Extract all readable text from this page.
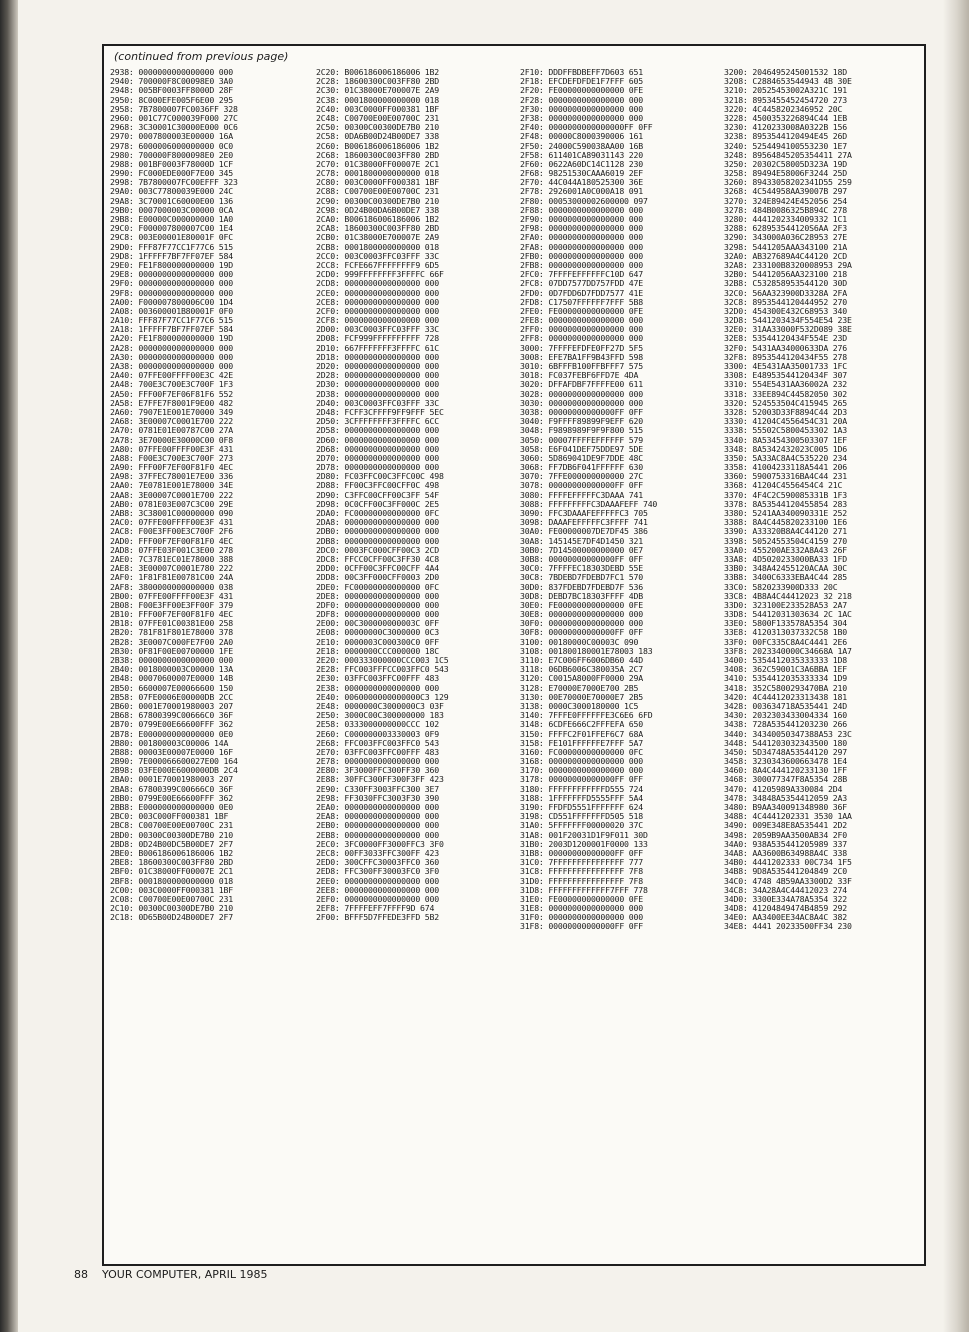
(continued from previous page)
2938: 0000000000000000 000
2940: 700000F8C00098E0 3A0
2948: 005BF0003FF8000D 28F
2950: 8C000EFE005F6E00 295
2958: 7B7800007FC0036FF 328
2960: 001C77C000039F000 27C
2968: 3C30001C30000E000 0C6
2970: 0007800003E00000 16A
2978: 6000006000000000 0C0
2980: 700000F8000098E0 2E0
2988: 001BF0003F78000D 1CF
2990: FC000EDE000F7E00 345
2998: 7B7800007FC00EFFF 323
29A0: 003C77800039E000 24C
29A8: 3C70001C60000E00 136
29B0: 0007000003C00000 0CA
29B8: E00000C000000000 1A0
29C0: F000007800007C00 1E4
29C8: 003E00001E80001F 0FC
29D0: FFF87F77CC1F77C6 515
29D8: 1FFFFF7BF7FF07EF 584
29E0: FE1F800000000000 19D
29E8: 0000000000000000 000
29F0: 0000000000000000 000
29F8: 0000000000000000 000
2A00: F000007800006C00 1D4
2A08: 003600001B80001F 0F0
2A10: FFF87F77CC1F77C6 515
2A18: 1FFFFF7BF7FF07EF 584
2A20: FE1F800000000000 19D
2A28: 0000000000000000 000
2A30: 0000000000000000 000
2A38: 0000000000000000 000
2A40: 07FFE00FFFF00E3C 42E
2A48: 700E3C700E3C700F 1F3
2A50: FFF00F7EF06F81F6 552
2A58: E7FFE7F8001F9E00 482
2A60: 7907E1E001E70000 349
2A68: 3E00007C0001E700 222
2A70: 0781E01E00787C00 27A
2A78: 3E70000E30000C00 0F8
2A80: 07FFE00FFFF00E3F 431
2A88: F00E3C700E3C700F 273
2A90: FFF00F7EF00F81F0 4EC
2A98: 37FFEC78001E7E00 336
2AA0: 7E0781E001E78000 34E
2AA8: 3E00007C0001E700 222
2AB0: 0781E03E007C3C00 29E
2AB8: 3C38001C00000000 090
2AC0: 07FFE00FFFF00E3F 431
2AC8: F00E3FF00E3C700F 2F6
2AD0: FFF00F7EF00F81F0 4EC
2AD8: 07FFE03F001C3E00 278
2AE0: 7C3781EC01E78000 388
2AE8: 3E00007C0001E780 222
2AF0: 1F81F81E00781C00 24A
2AF8: 3800000000000000 038
2B00: 07FFE00FFFF00E3F 431
2B08: F00E3FF00E3FF00F 379
2B10: FFF00F7EF00F81F0 4EC
2B18: 07FFE01C00381E00 258
2B20: 781F81F801E78000 378
2B28: 3E0007C000FE7F00 2A0
2B30: 0F81F00E00700000 1FE
2B38: 0000000000000000 000
2B40: 0018000003C00000 13A
2B48: 00070600007E0000 14B
2B50: 6600007E00066600 150
2B58: 07FE0006E00000DB 2CC
2B60: 0001E70001980003 207
2B68: 67800399C00666C0 36F
2B70: 0799E00E66600FFF 362
2B78: E000000000000000 0E0
2B80: 001800003C00006 14A
2B88: 00003E00007E0000 16F
2B90: 7E000066600027E00 164
2B98: 03FE000E6000000DB 2C4
2BA0: 0001E70001980003 207
2BA8: 67800399C00666C0 36F
2BB0: 0799E00E66600FFF 362
2BB8: E000000000000000 0E0
2BC0: 003C000FF000381 1BF
2BC8: C00700E00E00700C 231
2BD0: 00300C00300DE7B0 210
2BD8: 0D24B00DC5B00DE7 2F7
2BE0: B006186006186006 1B2
2BE8: 18600300C003FF80 2BD
2BF0: 01C38000FF00007E 2C1
2BF8: 0001800000000000 018
2C00: 003C0000FF000381 1BF
2C08: C00700E00E00700C 231
2C10: 00300C00300DE7B0 210
2C18: 0D65B00D24B00DE7 2F7
2C20: B006186006186006 1B2
2C28: 18600300C003FF80 2BD
2C30: 01C38000E700007E 2A9
2C38: 0001800000000000 018
2C40: 003C0000FF000381 1BF
2C48: C00700E00E00700C 231
2C50: 00300C00300DE7B0 210
2C58: 0DA6B00D24B00DE7 338
2C60: B006186006186006 1B2
2C68: 18600300C003FF80 2BD
2C70: 01C38000FF00007E 2C1
2C78: 0001800000000000 018
2C80: 003C0000FF000381 1BF
2C88: C00700E00E00700C 231
2C90: 00300C00300DE7B0 210
2C98: 0D24B00DA6B00DE7 338
2CA0: B006186006186006 1B2
2CA8: 18600300C003FF80 2BD
2CB0: 01C38000E700007E 2A9
2CB8: 0001800000000000 018
2CC0: 003C0003FFC03FFF 33C
2CC8: FCFE667FFFFFFFF9 6D5
2CD0: 999FFFFFFFF3FFFFC 66F
2CD8: 0000000000000000 000
2CE0: 0000000000000000 000
2CE8: 0000000000000000 000
2CF0: 0000000000000000 000
2CF8: 0000000000000000 000
2D00: 003C0003FFC03FFF 33C
2D08: FCF999FFFFFFFFFF 728
2D10: 667FFFFFFF3FFFFC 61C
2D18: 0000000000000000 000
2D20: 0000000000000000 000
2D28: 0000000000000000 000
2D30: 0000000000000000 000
2D38: 0000000000000000 000
2D40: 003C0003FFC03FFF 33C
2D48: FCFF3CFFFF9FF9FFF 5EC
2D50: 3CFFFFFFFF3FFFFC 6CC
2D58: 0000000000000000 000
2D60: 0000000000000000 000
2D68: 0000000000000000 000
2D70: 0000000000000000 000
2D78: 0000000000000000 000
2D80: FC03FFC00C3FFC00C 498
2D88: FF00C3FFC00CFF0C 498
2D90: C3FFC00CFF00C3FF 54F
2D98: 0C0CFF00C3FF000C 2E5
2DA0: FC00000000000000 0FC
2DA8: 0000000000000000 000
2DB0: 0000000000000000 000
2DB8: 0000000000000000 000
2DC0: 0003FC000CFF00C3 2CD
2DC8: FFCC0CFF00C3FF30 4C8
2DD0: 0CFF00C3FFC00CFF 4A4
2DD8: 00C3FF000CFF0003 2D0
2DE0: FC00000000000000 0FC
2DE8: 0000000000000000 000
2DF0: 0000000000000000 000
2DF8: 0000000000000000 000
2E00: 00C300000000003C 0FF
2E08: 00000000C3000000 0C3
2E10: 0000003C000300C0 0FF
2E18: 0000000CCC000000 18C
2E20: 000333000000CCC003 1C5
2E28: FFC003FFFCC003FFC0 543
2E30: 03FFC003FFC00FFF 483
2E38: 0000000000000000 000
2E40: 0060000000000000C3 129
2E48: 0000000C3000000C3 03F
2E50: 3000C00C300000000 183
2E58: 0333000000000CCC 102
2E60: C000000003330003 0F9
2E68: FFC003FFC003FFC0 543
2E70: 03FFC003FFC00FFF 483
2E78: 0000000000000000 000
2E80: 3F3000FFC300FF30 360
2E88: 30FFC300FF300F3FF 423
2E90: C330FF3003FFC300 3E7
2E98: FF3030FFC3003F30 390
2EA0: 0000000000000000 000
2EA8: 0000000000000000 000
2EB0: 0000000000000000 000
2EB8: 0000000000000000 000
2EC0: 3FC0000FF3000FFC3 3F0
2EC8: 00FF3033FFC300FF 423
2ED0: 300CFFC30003FFC0 360
2ED8: FFC300FF30003FC0 3F0
2EE0: 0000000000000000 000
2EE8: 0000000000000000 000
2EF0: 0000000000000000 000
2EF8: 7FFFFEFF7FFFF9D 674
2F00: BFFF5D7FFEDE3FFD 5B2
2F10: DDDFFBDBEFF7D603 651
2F18: EFCDEFDFDE1F7FFF 605
2F20: FE00000000000000 0FE
2F28: 0000000000000000 000
2F30: 0000000000000000 000
2F38: 0000000000000000 000
2F40: 0000000000000000FF 0FF
2F48: 00000C8000390006 161
2F50: 24000C590038AA00 16B
2F58: 611401CA89031143 220
2F60: 0622A60DC14C1128 230
2F68: 98251530CAAA6019 2EF
2F70: 44C044A180525300 36E
2F78: 2926001A0C000A18 091
2F80: 00053000002600000 097
2F88: 0000000000000000 000
2F90: 0000000000000000 000
2F98: 0000000000000000 000
2FA0: 0000000000000000 000
2FA8: 0000000000000000 000
2FB0: 0000000000000000 000
2FB8: 0000000000000000 000
2FC0: 7FFFFEFFFFFFC10D 647
2FC8: 07DD7577DD757FDD 47E
2FD0: 0D7FDD6D7FDD7577 41E
2FD8: C17507FFFFFF7FFF 5B8
2FE0: FE00000000000000 0FE
2FE8: 0000000000000000 000
2FF0: 0000000000000000 000
2FF8: 0000000000000000 000
3000: 7FFFFEFDFE0FF27D 5F5
3008: EFE7BA1FF9B43FFD 598
3010: 6BFFFB100FFBFFF7 575
3018: FC037FEBF6FFD7E 4DA
3020: DFFAFDBF7FFFFE00 611
3028: 0000000000000000 000
3030: 0000000000000000 000
3038: 00000000000000FF 0FF
3040: F9FFFF89899F9EFF 620
3048: F9898989F9F9F800 515
3050: 00007FFFFEFFFFFF 579
3058: E6F041DEF75DDE97 5DE
3060: 5D869041DE9F7DDE 48C
3068: FF7DB6F041FFFFFF 630
3070: 7FFE000000000000 27C
3078: 00000000000000FF 0FF
3080: FFFFEFFFFFC3DAAA 741
3088: FFFFFFFFFC3DAAAFEFF 740
3090: FFC3DAAAFEFFFFFC3 705
3098: DAAAFEFFFFFC3FFFF 741
30A0: FE00000007DE7DF45 386
30A8: 145145E7DF4D1450 321
30B0: 7D14500000000000 0E7
30B8: 00000000000000FF 0FF
30C0: 7FFFFEC18303DEBD 55E
30C8: 7BDEBD7FDEBD7FC1 570
30D0: 837FDEBD7FDEBD7F 536
30D8: DEBD7BC18303FFFF 4DB
30E0: FE00000000000000 0FE
30E8: 0000000000000000 000
30F0: 0000000000000000 000
30F8: 00000000000000FF 0FF
3100: 00180000C00003C 090
3108: 001800180001E78003 183
3110: E7C006FF6006DB60 44D
3118: 06DB6006C380035A 2C7
3120: C0015A8000FF0000 29A
3128: E70000E7000E700 2B5
3130: 00E70000E70000E7 2B5
3138: 0000C3000180000 1C5
3140: 7FFFE0FFFFFFE3C6E6 6FD
3148: 6CDFE666C2FFFEFA 650
3150: FFFFC2F01FFEF6C7 68A
3158: FE101FFFFFFE7FFF 5A7
3160: FC00000000000000 0FC
3168: 0000000000000000 000
3170: 0000000000000000 000
3178: 00000000000000FF 0FF
3180: FFFFFFFFFFFFD555 724
3188: 1FFFFFFFD5555FFF 5A4
3190: FFDFD5551FFFFFFF 624
3198: CD551FFFFFFFD505 518
31A0: 5FFFFFFF00000020 37C
31A8: 001F20031D1F9F011 30D
31B0: 2003D1200001F0000 133
31B8: 00000000000000FF 0FF
31C0: 7FFFFFFFFFFFFFFF 777
31C8: FFFFFFFFFFFFFFFF 7F8
31D0: FFFFFFFFFFFFFFFF 7F8
31D8: FFFFFFFFFFFFF7FFF 778
31E0: FE00000000000000 0FE
31E8: 0000000000000000 000
31F0: 0000000000000000 000
31F8: 00000000000000FF 0FF
3200: 2046495245001532 18D
3208: C2884653544943 4B 30E
3210: 20525453002A321C 191
3218: 8953455452454720 273
3220: 4C4458202346952 20C
3228: 4500353226894C44 1EB
3230: 4120233008A0322B 156
3238: 8953544120494E45 26D
3240: 5254494100553230 1E7
3248: 89564845205354411 27A
3250: 20302C58005D323A 19D
3258: 89494E58006F3244 25D
3260: 89433058202341D55 259
3268: 4C544958AA39007B 297
3270: 324E89424E452056 254
3278: 484B0086325B894C 278
3280: 4441202334009332 1C1
3288: 628953544120S6AA 2F3
3290: 343000A036C28953 27E
3298: 5441205AAA343100 21A
32A0: AB327689A4C44120 2CD
32A8: 233100B8320008953 29A
32B0: 54412056AA323100 218
32B8: C532858953544120 30D
32C0: 56AA323900D3328A 2FA
32C8: 8953544120444952 270
32D0: 454300E432C68953 340
32D8: 5441203434F554E54 23E
32E0: 31AA33000F532D089 38E
32E8: 53544120434F554E 23D
32F0: 5431AA34000633DA 276
32F8: 8953544120434F55 278
3300: 4E5431AA35001733 1FC
3308: E48953544120434F 307
3310: 554E5431AA36002A 232
3318: 33EE894C44582050 302
3320: 524553504C415945 265
3328: 52003D33F8894C44 2D3
3330: 41204C4556454C31 20A
3338: 55502C5800453302 1A3
3340: 8A53454300503307 1EF
3348: 8A5342432023C005 1D6
3350: 5A33AC8A4C535220 234
3358: 41004233118A5441 206
3360: 5900753316BA4C44 231
3368: 41204C4556454C4 21C
3370: 4F4C2C590085331B 1F3
3378: 8A53544120455854 283
3380: 5241AA340090331E 252
3388: 8A4C445820233100 1E6
3390: A33320B8A4C44120 271
3398: 50524553504C4159 270
33A0: 455200AE332A8A43 26F
33A8: 4D5020233000BA33 1FD
33B0: 348A42455120ACAA 30C
33B8: 3400C6333EBA4C44 285
33C0: 5820233900D333 20C
33C8: 4B8A4C44412023 32 218
33D0: 323100E233528A53 2A7
33D8: 54412031303634 2C 1AC
33E0: 5800F133578A5354 304
33E8: 4120313037332C58 1B0
33F0: 00FC335C8A4C4441 2E6
33F8: 2023340000C34668A 1A7
3400: 5354412035333333 1D8
3408: 362C59001C3A6BBA 1EF
3410: 5354412035333334 1D9
3418: 352C5800293470BA 210
3420: 4C44412023313438 181
3428: 003634718A535441 24D
3430: 2032303433004334 160
3438: 728A535441203230 266
3440: 34340050347388A53 23C
3448: 5441203032343500 180
3450: 5D34748A53544120 297
3458: 3230343600663478 1E4
3460: 8A4C444120233130 1FF
3468: 300077347F8A5354 28B
3470: 41205989A330084 2D4
3478: 34848A5354412059 2A3
3480: B9AA340091348980 36F
3488: 4C4441202331 3530 1AA
3490: 009E348E8A535441 2D2
3498: 2059B9AA3500AB34 2F0
34A0: 938A535441205989 337
34A8: AA3600B634988A4C 338
34B0: 4441202333 00C734 1F5
34B8: 9D8A535441204849 2C0
34C0: 4748 4B59AA3300D2 33F
34C8: 34A28A4C44412023 274
34D0: 3300E334A78A5354 322
34D8: 41204849474B4859 292
34E0: AA3400EE34AC8A4C 382
34E8: 4441 20233500FF34 230
88 YOUR COMPUTER, APRIL 1985
